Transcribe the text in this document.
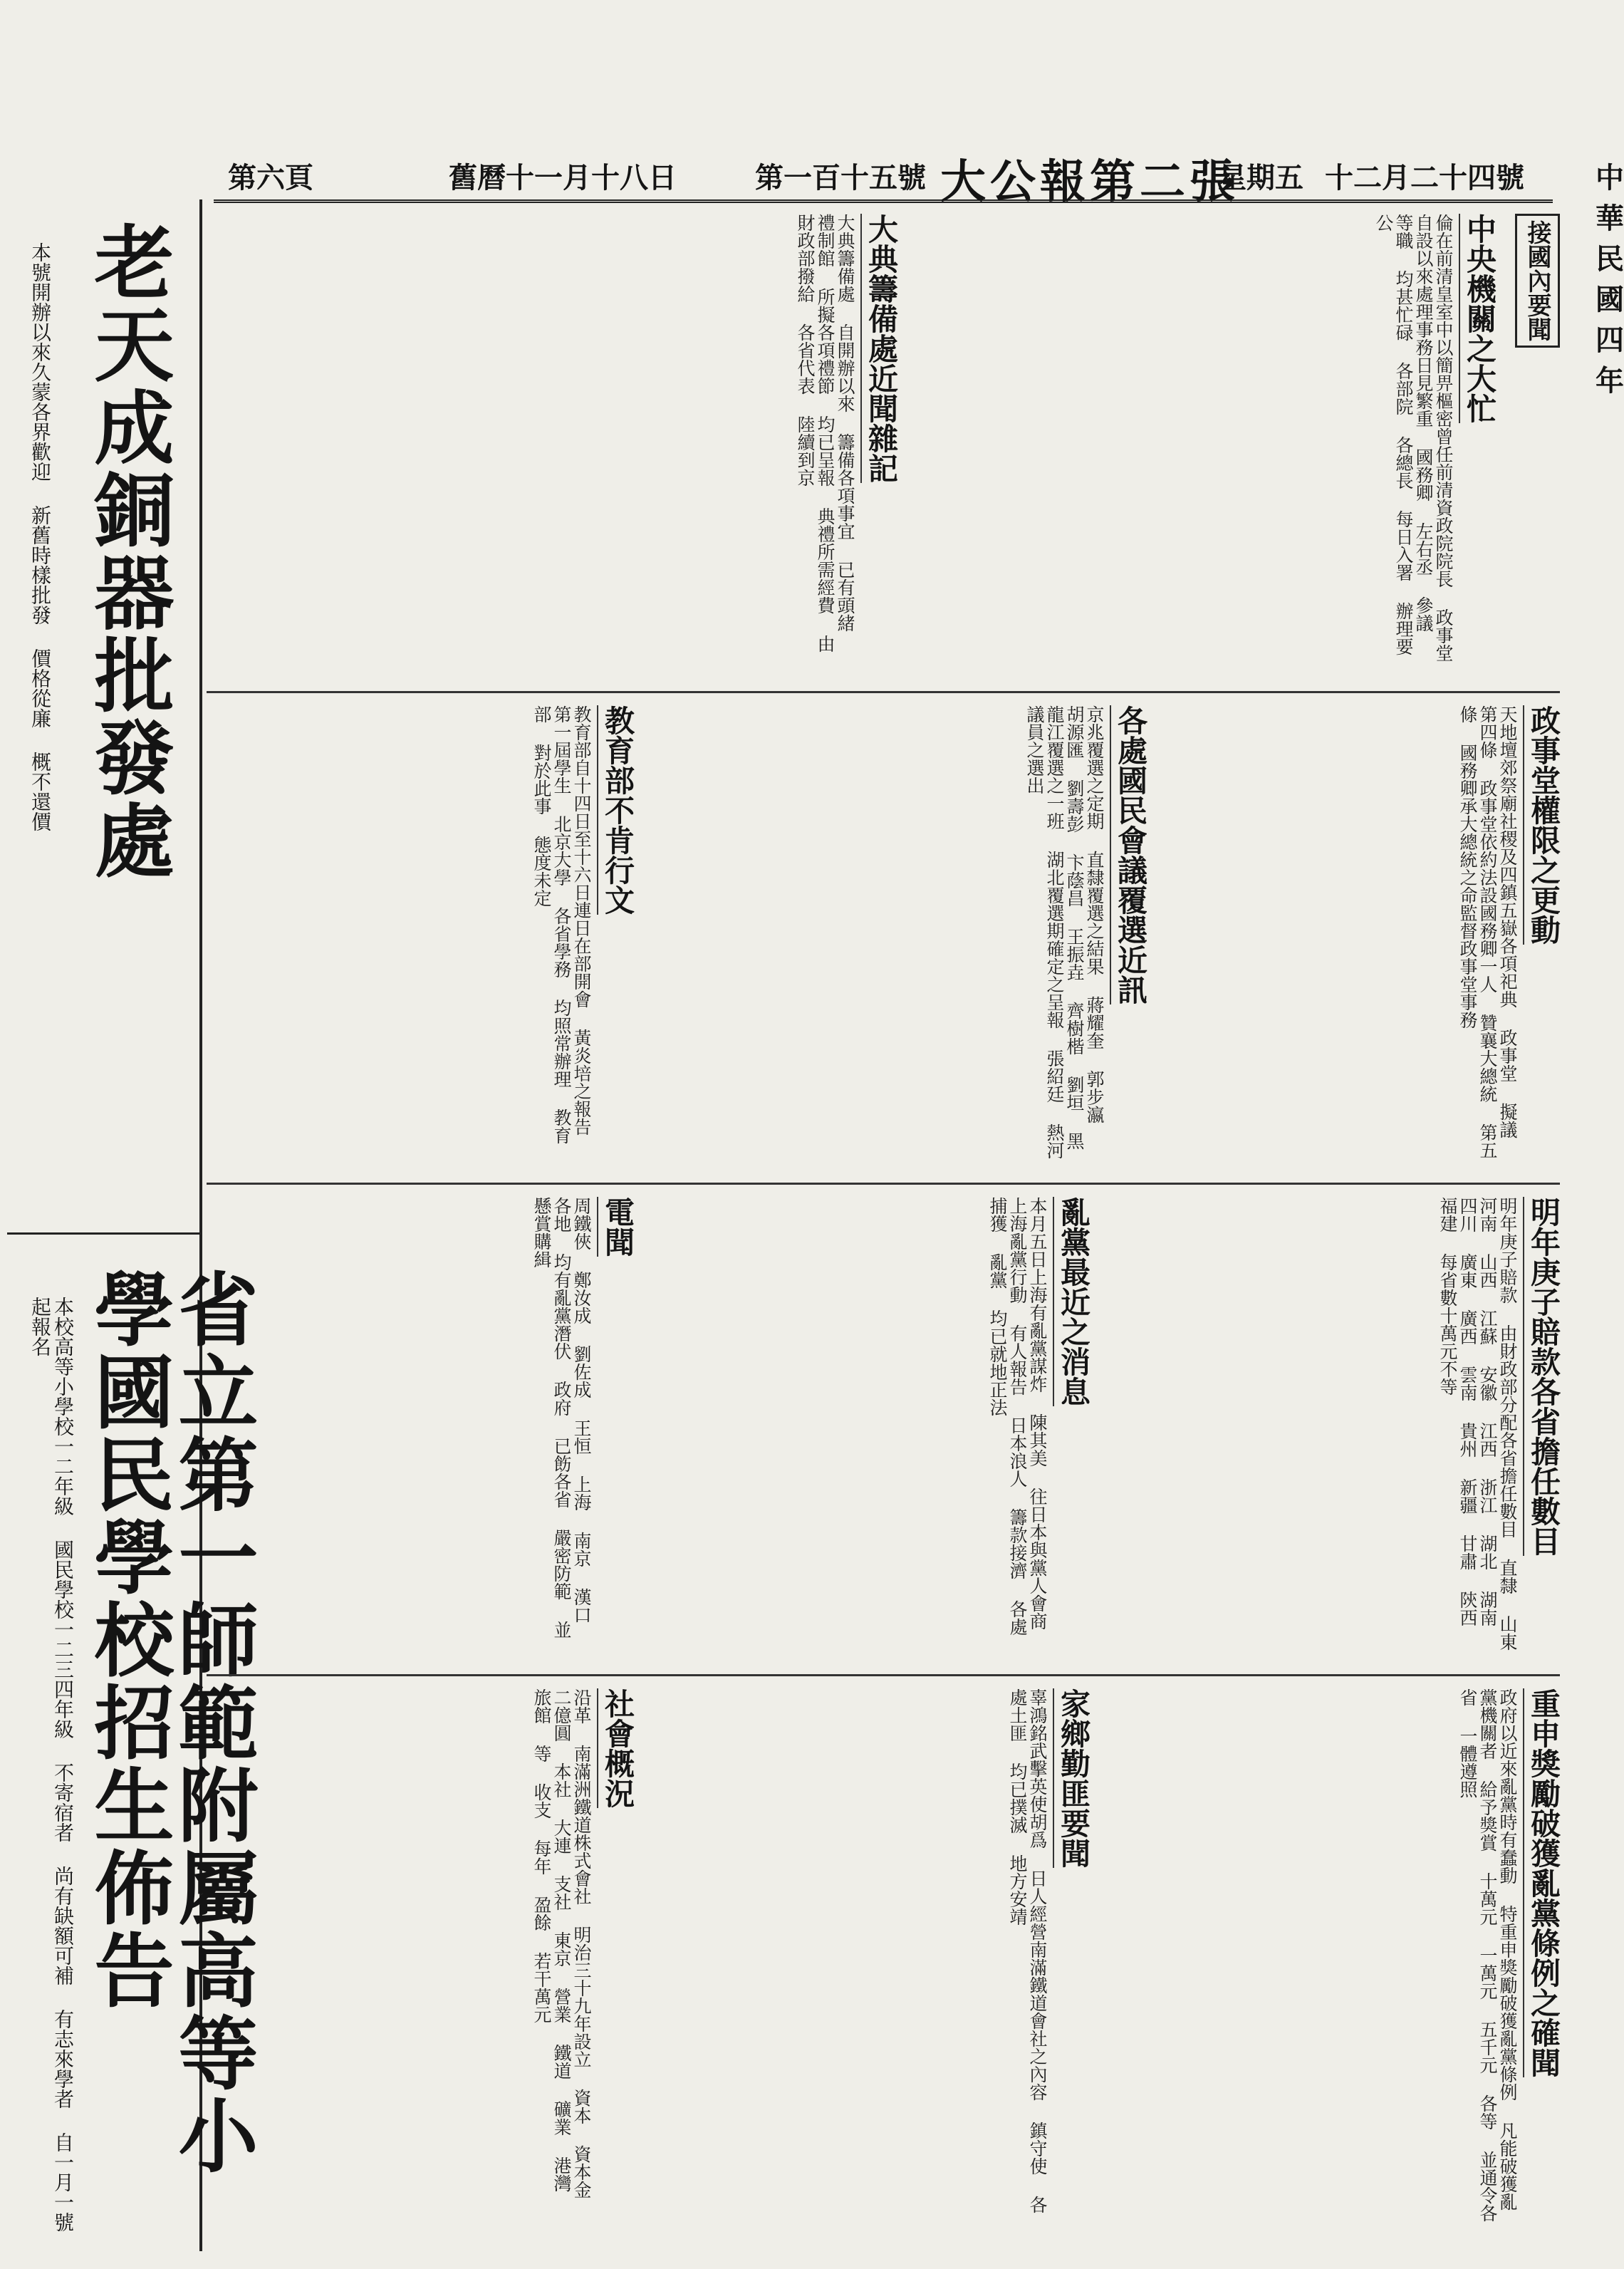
第六頁	舊曆十一月十八日	第一百十五號 大公報第二張
星期五 十二月二十四號	中華民國四年
老天成銅器批發處
本號開辦以來久蒙各界歡迎 新舊時樣批發 價格從廉 概不還價
省立第一師範附屬高等小學國民學校招生佈告
本校高等小學校一二年級 國民學校一二三四年級 不寄宿者 尚有缺額可補 有志來學者 自一月一號起報名
接國內要聞
中央機關之大忙
倫在前清皇室中以簡畀樞密曾任前清資政院院長 政事堂 自設以來處理事務日見繁重 國務卿 左右丞 參議 等職 均甚忙碌 各部院 各總長 每日入署 辦理要公
大典籌備處近聞雜記
大典籌備處 自開辦以來 籌備各項事宜 已有頭緒 禮制館 所擬各項禮節 均已呈報 典禮所需經費 由財政部撥給 各省代表 陸續到京
政事堂權限之更動
天地壇郊祭廟社稷及四鎮五嶽各項祀典 政事堂 擬議 第四條 政事堂依約法設國務卿一人 贊襄大總統 第五條 國務卿承大總統之命監督政事堂事務
各處國民會議覆選近訊
京兆覆選之定期 直隸覆選之結果 蔣耀奎 郭步瀛 胡源匯 劉壽彭 卞蔭昌 王振垚 齊樹楷 劉垣 黑龍江覆選之一班 湖北覆選期確定之呈報 張紹廷 熱河議員之選出
教育部不肯行文
教育部自十四日至十六日連日在部開會 黃炎培之報告 第一屆學生 北京大學 各省學務 均照常辦理 教育部 對於此事 態度未定
明年庚子賠款各省擔任數目
明年庚子賠款 由財政部分配各省擔任數目 直隸 山東 河南 山西 江蘇 安徽 江西 浙江 湖北 湖南 四川 廣東 廣西 雲南 貴州 新疆 甘肅 陝西 福建 每省數十萬元不等
亂黨最近之消息
本月五日上海有亂黨謀炸 陳其美 往日本與黨人會商 上海亂黨行動 有人報告 日本浪人 籌款接濟 各處捕獲 亂黨 均已就地正法
電聞
周鐵俠 鄭汝成 劉佐成 王恒 上海 南京 漢口 各地 均有亂黨潛伏 政府 已飭各省 嚴密防範 並懸賞購緝
重申獎勵破獲亂黨條例之確聞
政府以近來亂黨時有蠢動 特重申獎勵破獲亂黨條例 凡能破獲亂黨機關者 給予獎賞 十萬元 一萬元 五千元 各等 並通令各省 一體遵照
家鄉勤匪要聞
辜鴻銘武擊英使胡爲 日人經營南滿鐵道會社之內容 鎮守使 各處土匪 均已撲滅 地方安靖
社會概況
沿革 南滿洲鐵道株式會社 明治三十九年設立 資本 資本金 二億圓 本社 大連 支社 東京 營業 鐵道 礦業 港灣 旅館 等 收支 每年 盈餘 若干萬元
